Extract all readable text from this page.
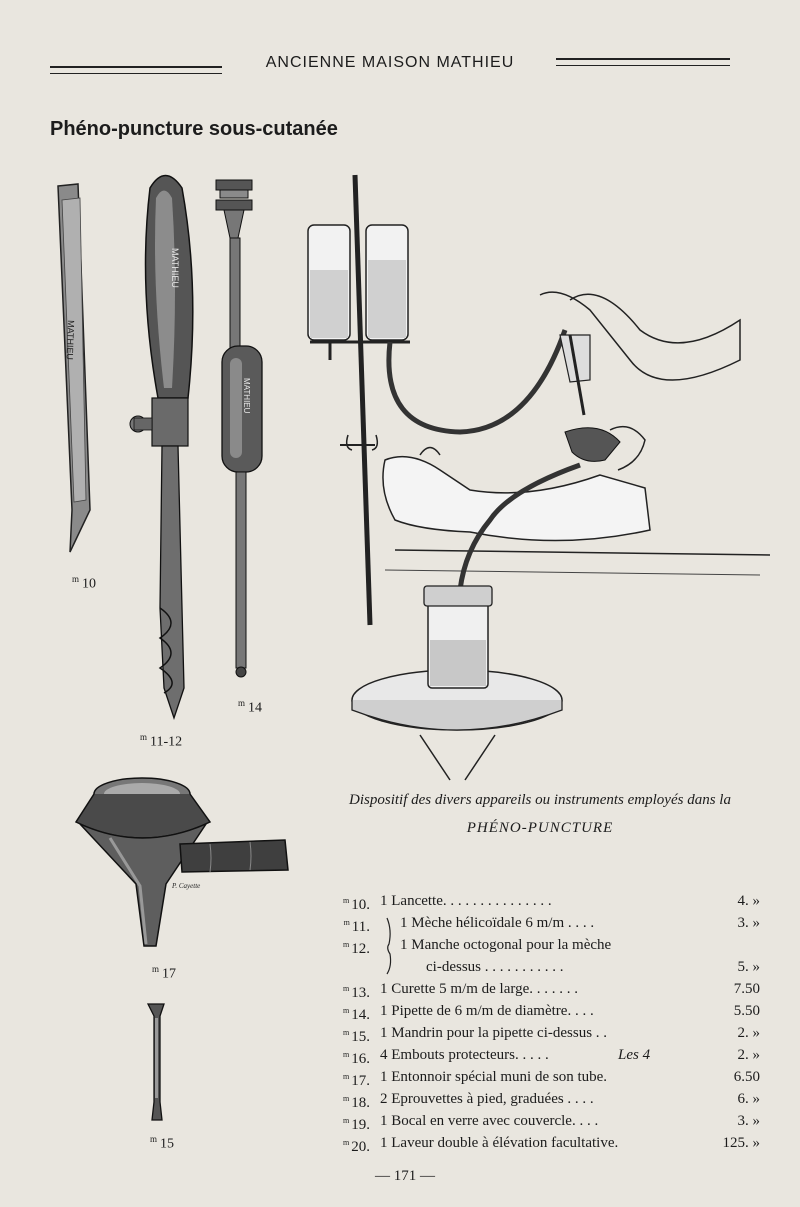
ANCIENNE MAISON MATHIEU
Phéno-puncture sous-cutanée
MATHIEU
$^m$ 10
MATHIEU
$^m$ 11-12
MATHIEU
$^m$ 14
Dispositif des divers appareils ou instruments employés dans la
PHÉNO-PUNCTURE
P. Cayette
$^m$ 17
$^m$ 15
$^m$ 10. 1 Lancette. . . . . . . . . . . . . . .	4. »
$^m$ 11. 1 Mèche hélicoïdale 6 m/m . . . .	3. »
$^m$ 12. 1 Manche octogonal pour la mèche
ci-dessus . . . . . . . . . . .	5. »
$^m$ 13. 1 Curette 5 m/m de large. . . . . . .	7.50
$^m$ 14. 1 Pipette de 6 m/m de diamètre. . . .	5.50
$^m$ 15. 1 Mandrin pour la pipette ci-dessus . .	2. »
$^m$ 16. 4 Embouts protecteurs. . . . .	Les 4	2. »
$^m$ 17. 1 Entonnoir spécial muni de son tube.	6.50
$^m$ 18. 2 Eprouvettes à pied, graduées . . . .	6. »
$^m$ 19. 1 Bocal en verre avec couvercle. . . .	3. »
$^m$ 20. 1 Laveur double à élévation facultative.	125. »
— 171 —
